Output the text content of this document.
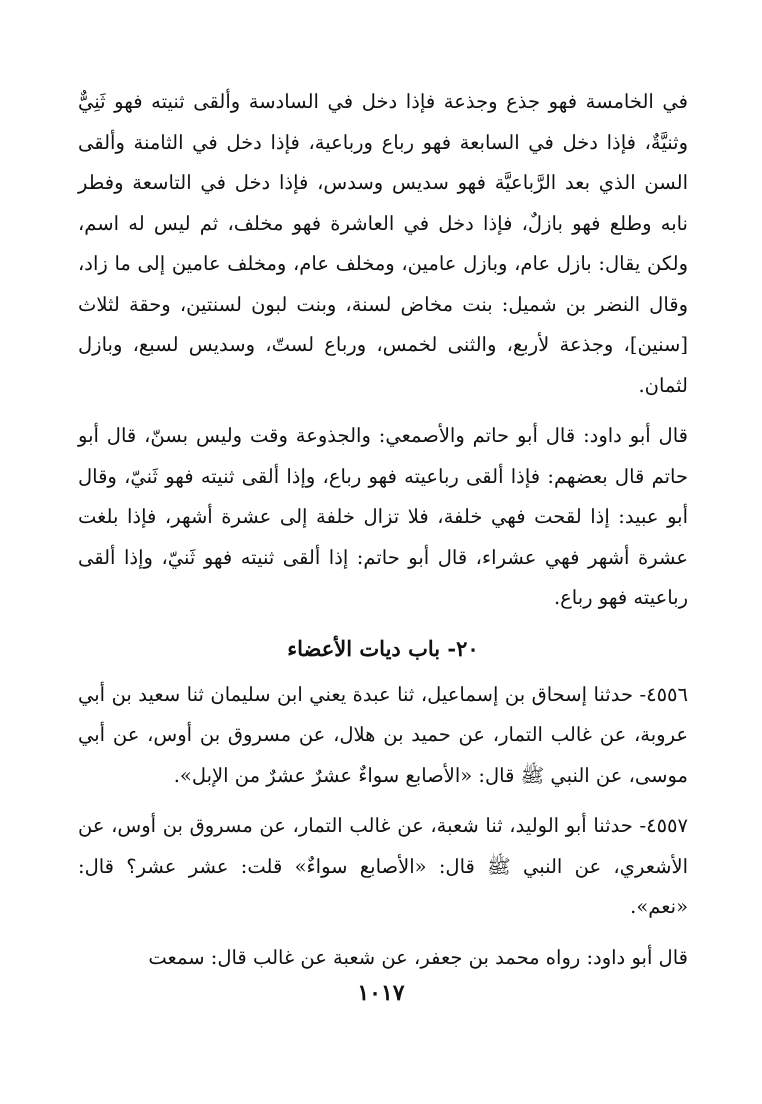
في الخامسة فهو جذع وجذعة فإذا دخل في السادسة وألقى ثنيته فهو ثَنِيٌّ وثنيَّةٌ، فإذا دخل في السابعة فهو رباع ورباعية، فإذا دخل في الثامنة وألقى السن الذي بعد الرَّباعيَّة فهو سديس وسدس، فإذا دخل في التاسعة وفطر نابه وطلع فهو بازلٌ، فإذا دخل في العاشرة فهو مخلف، ثم ليس له اسم، ولكن يقال: بازل عام، وبازل عامين، ومخلف عام، ومخلف عامين إلى ما زاد، وقال النضر بن شميل: بنت مخاض لسنة، وبنت لبون لسنتين، وحقة لثلاث [سنين]، وجذعة لأربع، والثنى لخمس، ورباع لستّ، وسديس لسبع، وبازل لثمان.

قال أبو داود: قال أبو حاتم والأصمعي: والجذوعة وقت وليس بسنّ، قال أبو حاتم قال بعضهم: فإذا ألقى رباعيته فهو رباع، وإذا ألقى ثنيته فهو ثَنيّ، وقال أبو عبيد: إذا لقحت فهي خلفة، فلا تزال خلفة إلى عشرة أشهر، فإذا بلغت عشرة أشهر فهي عشراء، قال أبو حاتم: إذا ألقى ثنيته فهو ثَنيّ، وإذا ألقى رباعيته فهو رباع.

٢٠- باب ديات الأعضاء

٤٥٥٦- حدثنا إسحاق بن إسماعيل، ثنا عبدة يعني ابن سليمان ثنا سعيد بن أبي عروبة، عن غالب التمار، عن حميد بن هلال، عن مسروق بن أوس، عن أبي موسى، عن النبي ﷺ قال: «الأصابع سواءٌ عشرٌ عشرٌ من الإبل».

٤٥٥٧- حدثنا أبو الوليد، ثنا شعبة، عن غالب التمار، عن مسروق بن أوس، عن الأشعري، عن النبي ﷺ قال: «الأصابع سواءٌ» قلت: عشر عشر؟ قال: «نعم».

قال أبو داود: رواه محمد بن جعفر، عن شعبة عن غالب قال: سمعت

١٠١٧
